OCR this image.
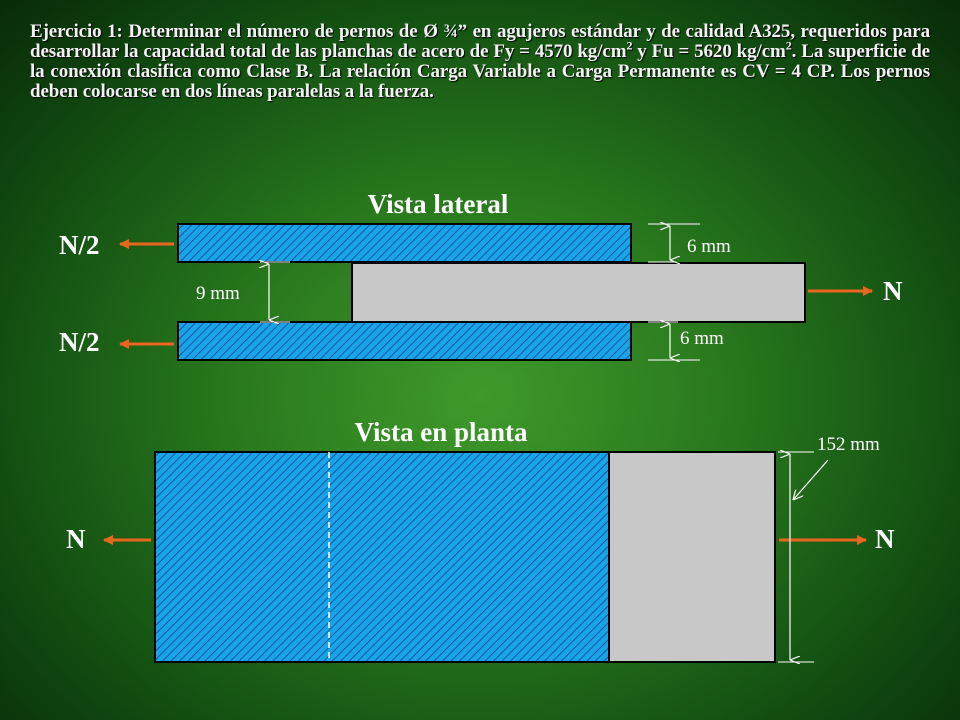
Ejercicio 1: Determinar el número de pernos de Ø ¾” en agujeros estándar y de calidad A325, requeridos para desarrollar la capacidad total de las planchas de acero de Fy = 4570 $kg/cm^2$ y Fu = 5620 $kg/cm^2$. La superficie de la conexión clasifica como Clase B. La relación Carga Variable a Carga Permanente es CV = 4 CP. Los pernos deben colocarse en dos líneas paralelas a la fuerza.
Vista lateral
N/2
N/2
N
6 mm
9 mm
6 mm
Vista en planta
N	N
152 mm
